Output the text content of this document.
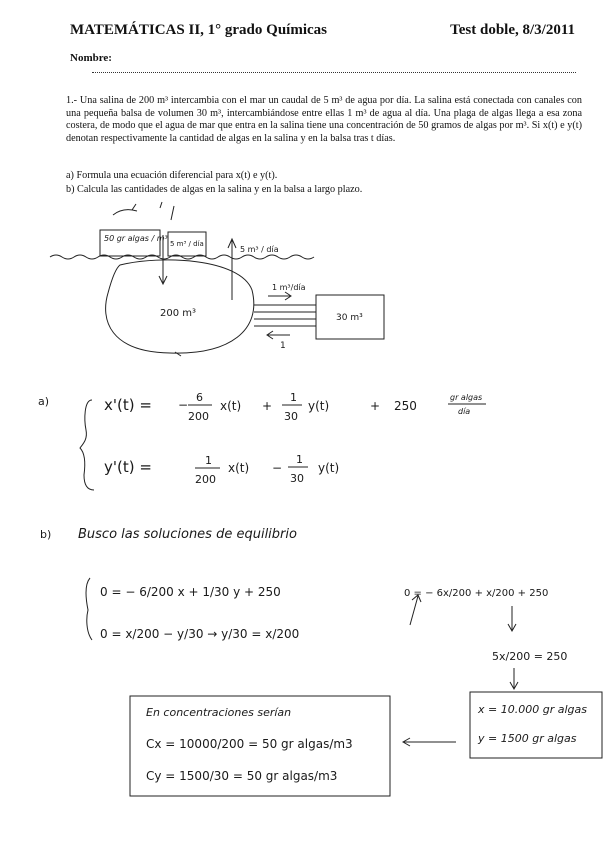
MATEMÁTICAS II, 1° grado Químicas	Test doble, 8/3/2011
Nombre:

1.- Una salina de 200 m³ intercambia con el mar un caudal de 5 m³ de agua por día. La salina está conectada con canales con una pequeña balsa de volumen 30 m³, intercambiándose entre ellas 1 m³ de agua al día. Una plaga de algas llega a esa zona costera, de modo que el agua de mar que entra en la salina tiene una concentración de 50 gramos de algas por m³. Si x(t) e y(t) denotan respectivamente la cantidad de algas en la salina y en la balsa tras t días.

a) Formula una ecuación diferencial para x(t) e y(t).
b) Calcula las cantidades de algas en la salina y en la balsa a largo plazo.
50 gr algas / m³
5 m³ / día
5 m³ / día
200 m³
1 m³/día
1
30 m³
a)	x'(t) = −
6
200
x(t) +
1
30
y(t)	+ 250
gr algas
día
y'(t) =	1
200
x(t) −
1
30
y(t)
b) Busco las soluciones de equilibrio
0 = − 6/200 x + 1/30 y + 250
0 = x/200 − y/30 → y/30 = x/200
0 = − 6x/200 + x/200 + 250
5x/200 = 250
x = 10.000 gr algas
y = 1500 gr algas
En concentraciones serían
Cx = 10000/200 = 50 gr algas/m3
Cy = 1500/30 = 50 gr algas/m3
